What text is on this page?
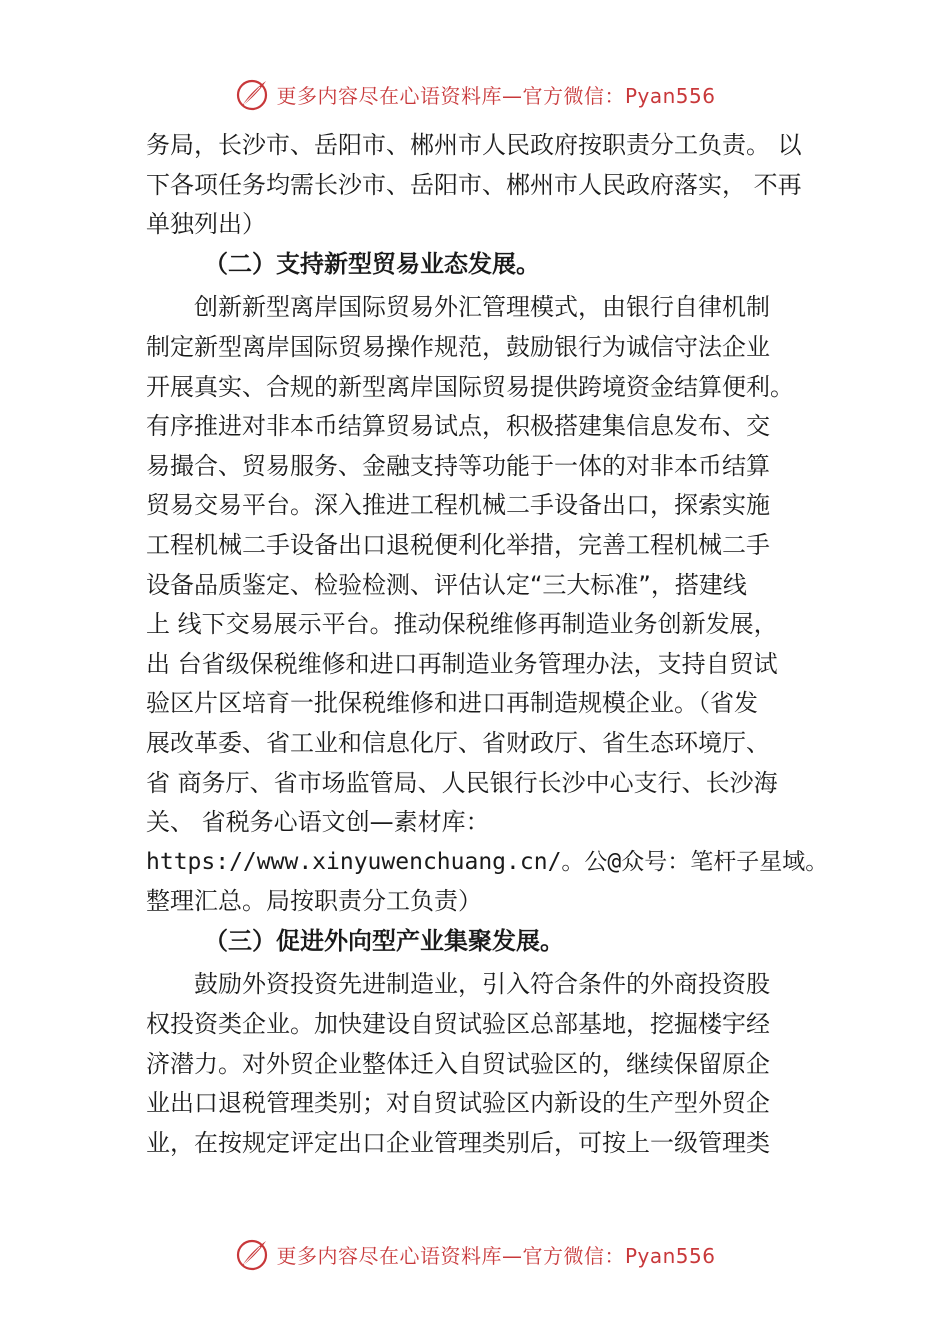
更多内容尽在心语资料库—官方微信：Pyan556
务局，长沙市、岳阳市、郴州市人民政府按职责分工负责。 以
下各项任务均需长沙市、岳阳市、郴州市人民政府落实， 不再
单独列出）
（二）支持新型贸易业态发展。
创新新型离岸国际贸易外汇管理模式，由银行自律机制
制定新型离岸国际贸易操作规范，鼓励银行为诚信守法企业
开展真实、合规的新型离岸国际贸易提供跨境资金结算便利。
有序推进对非本币结算贸易试点，积极搭建集信息发布、交
易撮合、贸易服务、金融支持等功能于一体的对非本币结算
贸易交易平台。深入推进工程机械二手设备出口，探索实施
工程机械二手设备出口退税便利化举措，完善工程机械二手
设备品质鉴定、检验检测、评估认定“三大标准”，搭建线
上 线下交易展示平台。推动保税维修再制造业务创新发展，
出 台省级保税维修和进口再制造业务管理办法，支持自贸试
验区片区培育一批保税维修和进口再制造规模企业。（省发
展改革委、省工业和信息化厅、省财政厅、省生态环境厅、
省 商务厅、省市场监管局、人民银行长沙中心支行、长沙海
关、 省税务心语文创—素材库：
https://www.xinyuwenchuang.cn/。公@众号：笔杆子星域。
整理汇总。局按职责分工负责）
（三）促进外向型产业集聚发展。
鼓励外资投资先进制造业，引入符合条件的外商投资股
权投资类企业。加快建设自贸试验区总部基地，挖掘楼宇经
济潜力。对外贸企业整体迁入自贸试验区的，继续保留原企
业出口退税管理类别；对自贸试验区内新设的生产型外贸企
业，在按规定评定出口企业管理类别后，可按上一级管理类
更多内容尽在心语资料库—官方微信：Pyan556
